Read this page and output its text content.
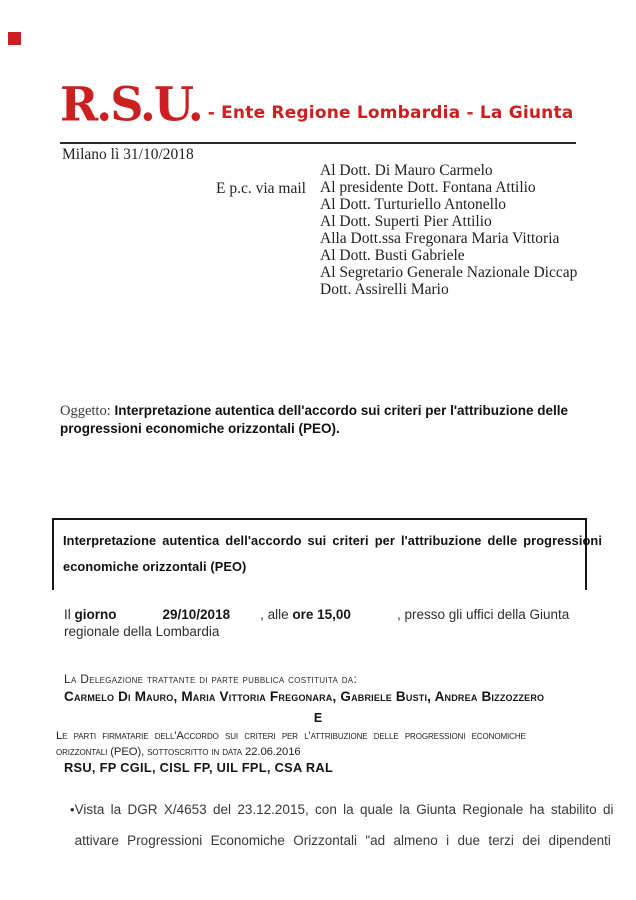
R.S.U. - Ente Regione Lombardia - La Giunta
Milano lì 31/10/2018
E p.c. via mail
Al Dott. Di Mauro Carmelo
Al presidente Dott. Fontana Attilio
Al Dott. Turturiello Antonello
Al Dott. Superti Pier Attilio
Alla Dott.ssa Fregonara Maria Vittoria
Al Dott. Busti Gabriele
Al Segretario Generale Nazionale Diccap
Dott. Assirelli Mario
Oggetto: Interpretazione autentica dell'accordo sui criteri per l'attribuzione delle
progressioni economiche orizzontali (PEO).
Interpretazione autentica dell'accordo sui criteri per l'attribuzione delle progressioni
economiche orizzontali (PEO)
Il giorno	29/10/2018 , alle ore 15,00	, presso gli uffici della Giunta
regionale della Lombardia
La Delegazione trattante di parte pubblica costituita da:
Carmelo Di Mauro, Maria Vittoria Fregonara, Gabriele Busti, Andrea Bizzozzero
E
Le parti firmatarie dell'Accordo sui criteri per l'attribuzione delle progressioni economiche
orizzontali (PEO), sottoscritto in data 22.06.2016
RSU, FP CGIL, CISL FP, UIL FPL, CSA RAL
• Vista la DGR X/4653 del 23.12.2015, con la quale la Giunta Regionale ha stabilito di
attivare Progressioni Economiche Orizzontali "ad almeno i due terzi dei dipendenti
